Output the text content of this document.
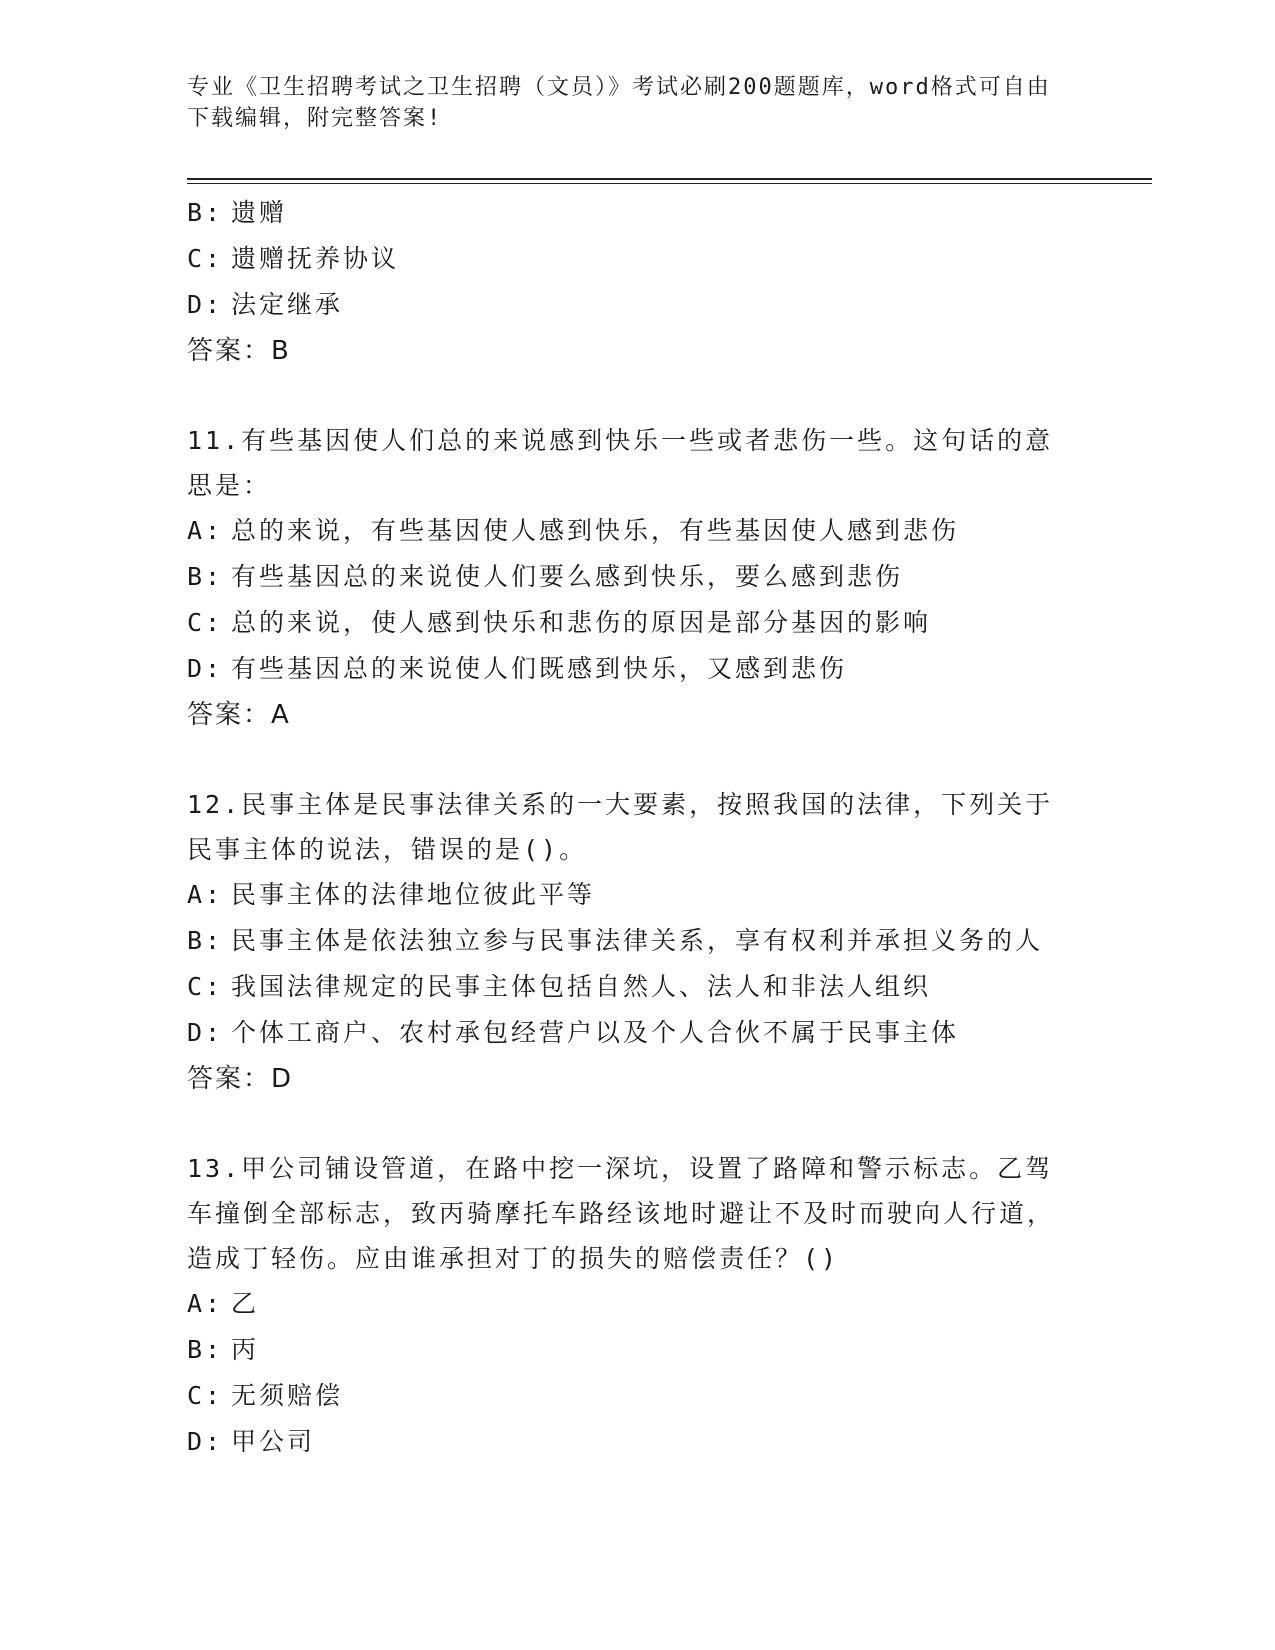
专业《卫生招聘考试之卫生招聘（文员）》考试必刷200题题库，word格式可自由下载编辑，附完整答案!
B: 遗赠
C: 遗赠抚养协议
D: 法定继承
答案：B
11.有些基因使人们总的来说感到快乐一些或者悲伤一些。这句话的意思是：
A: 总的来说，有些基因使人感到快乐，有些基因使人感到悲伤
B: 有些基因总的来说使人们要么感到快乐，要么感到悲伤
C: 总的来说，使人感到快乐和悲伤的原因是部分基因的影响
D: 有些基因总的来说使人们既感到快乐，又感到悲伤
答案：A
12.民事主体是民事法律关系的一大要素，按照我国的法律，下列关于民事主体的说法，错误的是()。
A: 民事主体的法律地位彼此平等
B: 民事主体是依法独立参与民事法律关系，享有权利并承担义务的人
C: 我国法律规定的民事主体包括自然人、法人和非法人组织
D: 个体工商户、农村承包经营户以及个人合伙不属于民事主体
答案：D
13.甲公司铺设管道，在路中挖一深坑，设置了路障和警示标志。乙驾车撞倒全部标志，致丙骑摩托车路经该地时避让不及时而驶向人行道，造成丁轻伤。应由谁承担对丁的损失的赔偿责任？()
A: 乙
B: 丙
C: 无须赔偿
D: 甲公司
